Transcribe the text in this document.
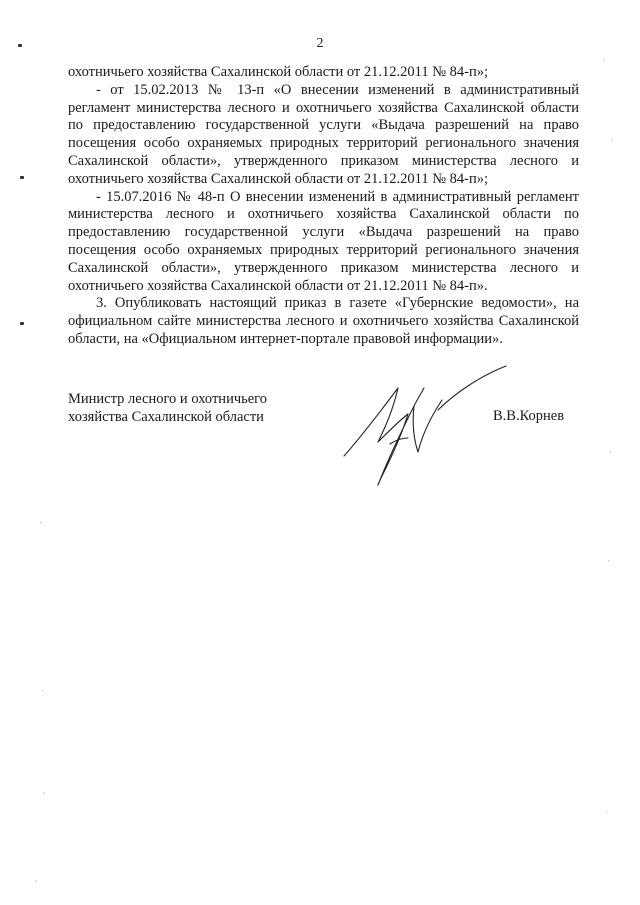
2

охотничьего хозяйства Сахалинской области от 21.12.2011 № 84-п»;

- от 15.02.2013 № 13-п «О внесении изменений в административный регламент министерства лесного и охотничьего хозяйства Сахалинской области по предоставлению государственной услуги «Выдача разрешений на право посещения особо охраняемых природных территорий регионального значения Сахалинской области», утвержденного приказом министерства лесного и охотничьего хозяйства Сахалинской области от 21.12.2011 № 84-п»;

- 15.07.2016 № 48-п О внесении изменений в административный регламент министерства лесного и охотничьего хозяйства Сахалинской области по предоставлению государственной услуги «Выдача разрешений на право посещения особо охраняемых природных территорий регионального значения Сахалинской области», утвержденного приказом министерства лесного и охотничьего хозяйства Сахалинской области от 21.12.2011 № 84-п».

3. Опубликовать настоящий приказ в газете «Губернские ведомости», на официальном сайте министерства лесного и охотничьего хозяйства Сахалинской области, на «Официальном интернет-портале правовой информации».

Министр лесного и охотничьего
хозяйства Сахалинской области	В.В.Корнев
